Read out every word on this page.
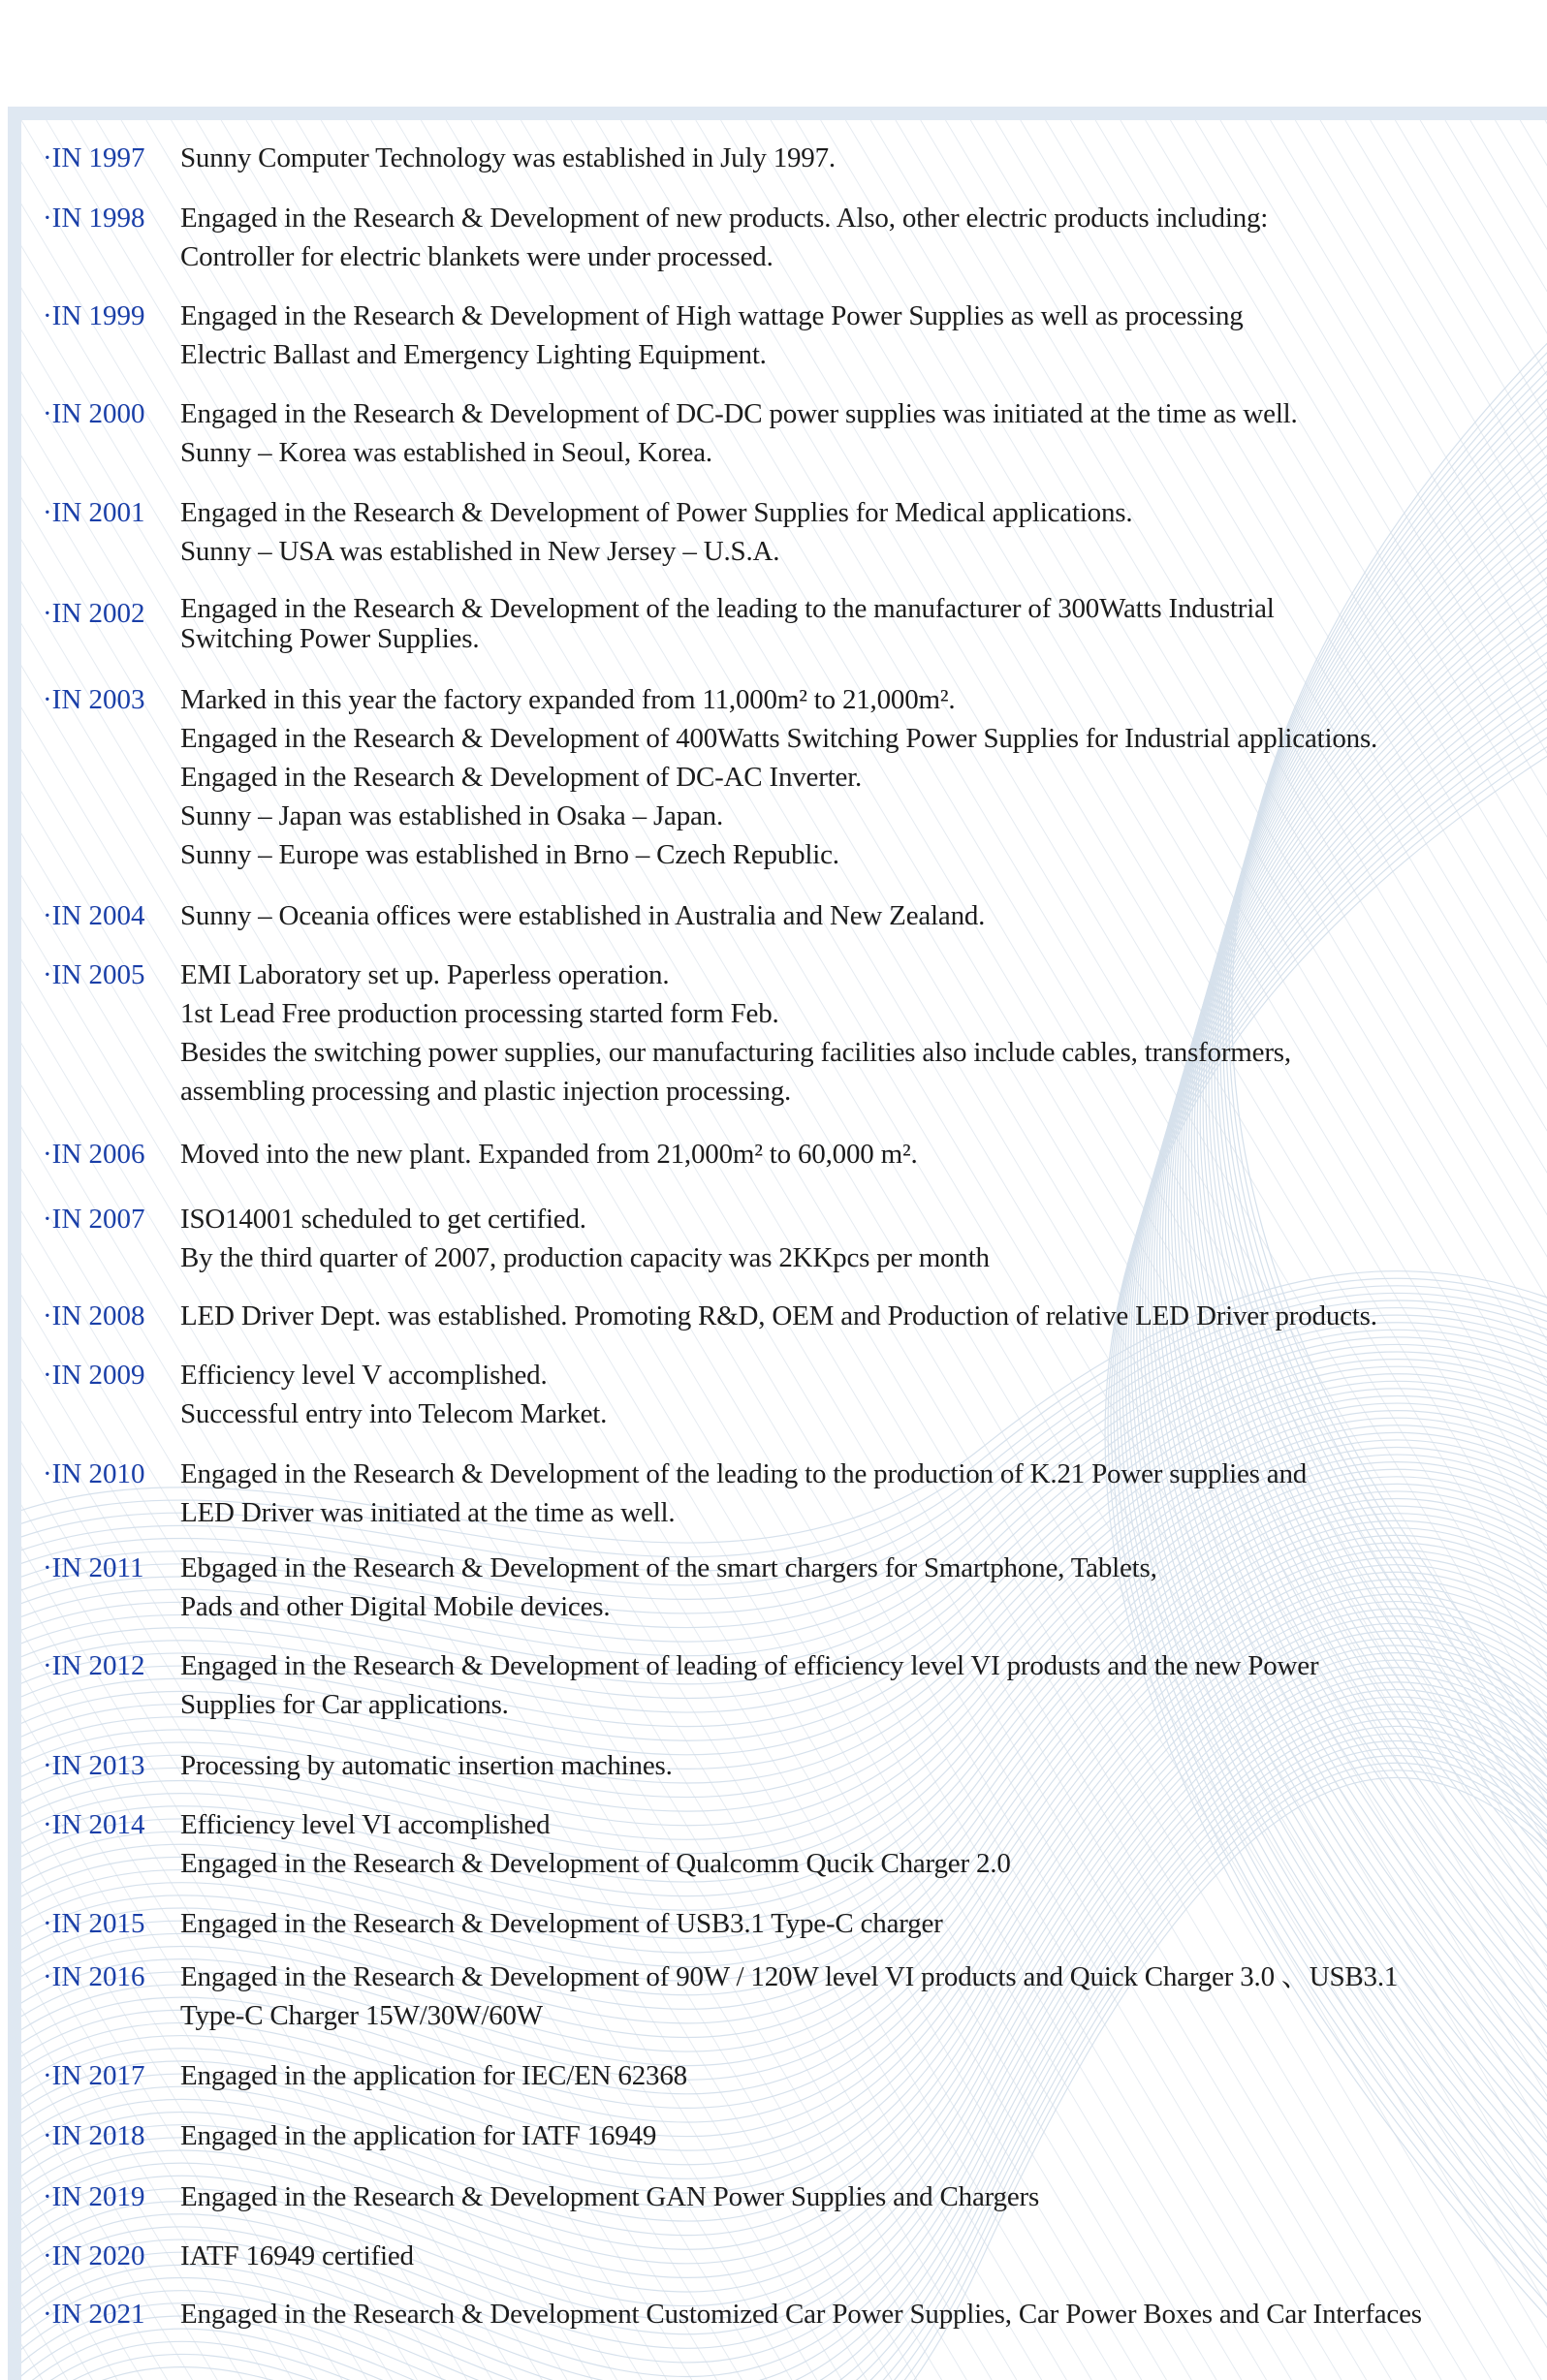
·IN 1997 Sunny Computer Technology was established in July 1997.
·IN 1998 Engaged in the Research & Development of new products. Also, other electric products including:
Controller for electric blankets were under processed.
·IN 1999 Engaged in the Research & Development of High wattage Power Supplies as well as processing
Electric Ballast and Emergency Lighting Equipment.
·IN 2000 Engaged in the Research & Development of DC-DC power supplies was initiated at the time as well.
Sunny – Korea was established in Seoul, Korea.
·IN 2001 Engaged in the Research & Development of Power Supplies for Medical applications.
Sunny – USA was established in New Jersey – U.S.A.
·IN 2002 Engaged in the Research & Development of the leading to the manufacturer of 300Watts Industrial
Switching Power Supplies.
·IN 2003 Marked in this year the factory expanded from 11,000m² to 21,000m².
Engaged in the Research & Development of 400Watts Switching Power Supplies for Industrial applications.
Engaged in the Research & Development of DC-AC Inverter.
Sunny – Japan was established in Osaka – Japan.
Sunny – Europe was established in Brno – Czech Republic.
·IN 2004 Sunny – Oceania offices were established in Australia and New Zealand.
·IN 2005 EMI Laboratory set up. Paperless operation.
1st Lead Free production processing started form Feb.
Besides the switching power supplies, our manufacturing facilities also include cables, transformers,
assembling processing and plastic injection processing.
·IN 2006 Moved into the new plant. Expanded from 21,000m² to 60,000 m².
·IN 2007 ISO14001 scheduled to get certified.
By the third quarter of 2007, production capacity was 2KKpcs per month
·IN 2008 LED Driver Dept. was established. Promoting R&D, OEM and Production of relative LED Driver products.
·IN 2009 Efficiency level V accomplished.
Successful entry into Telecom Market.
·IN 2010 Engaged in the Research & Development of the leading to the production of K.21 Power supplies and
LED Driver was initiated at the time as well.
·IN 2011 Ebgaged in the Research & Development of the smart chargers for Smartphone, Tablets,
Pads and other Digital Mobile devices.
·IN 2012 Engaged in the Research & Development of leading of efficiency level VI produsts and the new Power
Supplies for Car applications.
·IN 2013 Processing by automatic insertion machines.
·IN 2014 Efficiency level VI accomplished
Engaged in the Research & Development of Qualcomm Qucik Charger 2.0
·IN 2015 Engaged in the Research & Development of USB3.1 Type-C charger
·IN 2016 Engaged in the Research & Development of 90W / 120W level VI products and Quick Charger 3.0 、USB3.1
Type-C Charger 15W/30W/60W
·IN 2017 Engaged in the application for IEC/EN 62368
·IN 2018 Engaged in the application for IATF 16949
·IN 2019 Engaged in the Research & Development GAN Power Supplies and Chargers
·IN 2020 IATF 16949 certified
·IN 2021 Engaged in the Research & Development Customized Car Power Supplies, Car Power Boxes and Car Interfaces
